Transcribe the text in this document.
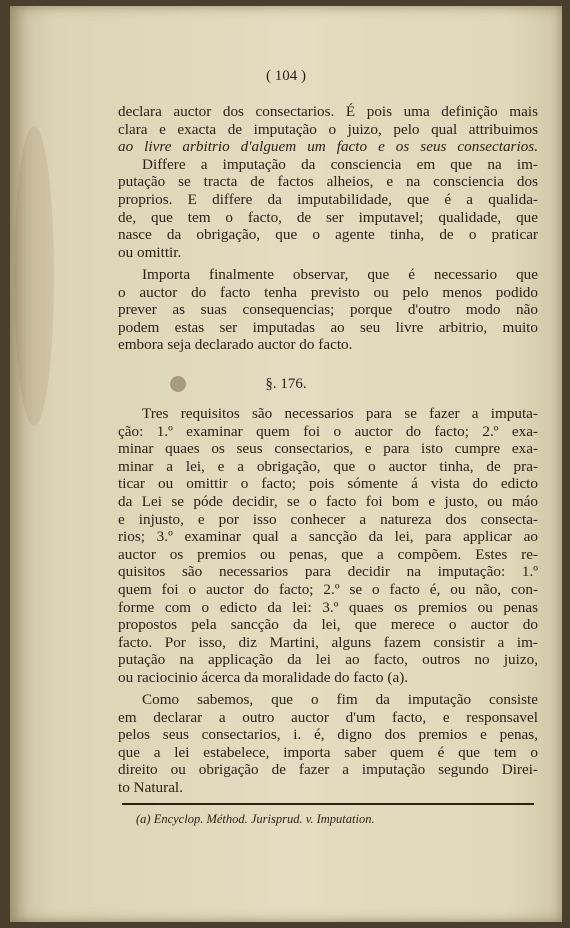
( 104 )
declara auctor dos consectarios. É pois uma definição mais
clara e exacta de imputação o juizo, pelo qual attribuimos
ao livre arbitrio d'alguem um facto e os seus consectarios.
Differe a imputação da consciencia em que na im-
putação se tracta de factos alheios, e na consciencia dos
proprios. E differe da imputabilidade, que é a qualida-
de, que tem o facto, de ser imputavel; qualidade, que
nasce da obrigação, que o agente tinha, de o praticar
ou omittir.
Importa finalmente observar, que é necessario que
o auctor do facto tenha previsto ou pelo menos podido
prever as suas consequencias; porque d'outro modo não
podem estas ser imputadas ao seu livre arbitrio, muito
embora seja declarado auctor do facto.
§. 176.
Tres requisitos são necessarios para se fazer a imputa-
ção: 1.º examinar quem foi o auctor do facto; 2.º exa-
minar quaes os seus consectarios, e para isto cumpre exa-
minar a lei, e a obrigação, que o auctor tinha, de pra-
ticar ou omittir o facto; pois sómente á vista do edicto
da Lei se póde decidir, se o facto foi bom e justo, ou máo
e injusto, e por isso conhecer a natureza dos consecta-
rios; 3.º examinar qual a sancção da lei, para applicar ao
auctor os premios ou penas, que a compõem. Estes re-
quisitos são necessarios para decidir na imputação: 1.º
quem foi o auctor do facto; 2.º se o facto é, ou não, con-
forme com o edicto da lei: 3.º quaes os premios ou penas
propostos pela sancção da lei, que merece o auctor do
facto. Por isso, diz Martini, alguns fazem consistir a im-
putação na applicação da lei ao facto, outros no juizo,
ou raciocinio ácerca da moralidade do facto (a).
Como sabemos, que o fim da imputação consiste
em declarar a outro auctor d'um facto, e responsavel
pelos seus consectarios, i. é, digno dos premios e penas,
que a lei estabelece, importa saber quem é que tem o
direito ou obrigação de fazer a imputação segundo Direi-
to Natural.
(a) Encyclop. Méthod. Jurisprud. v. Imputation.
